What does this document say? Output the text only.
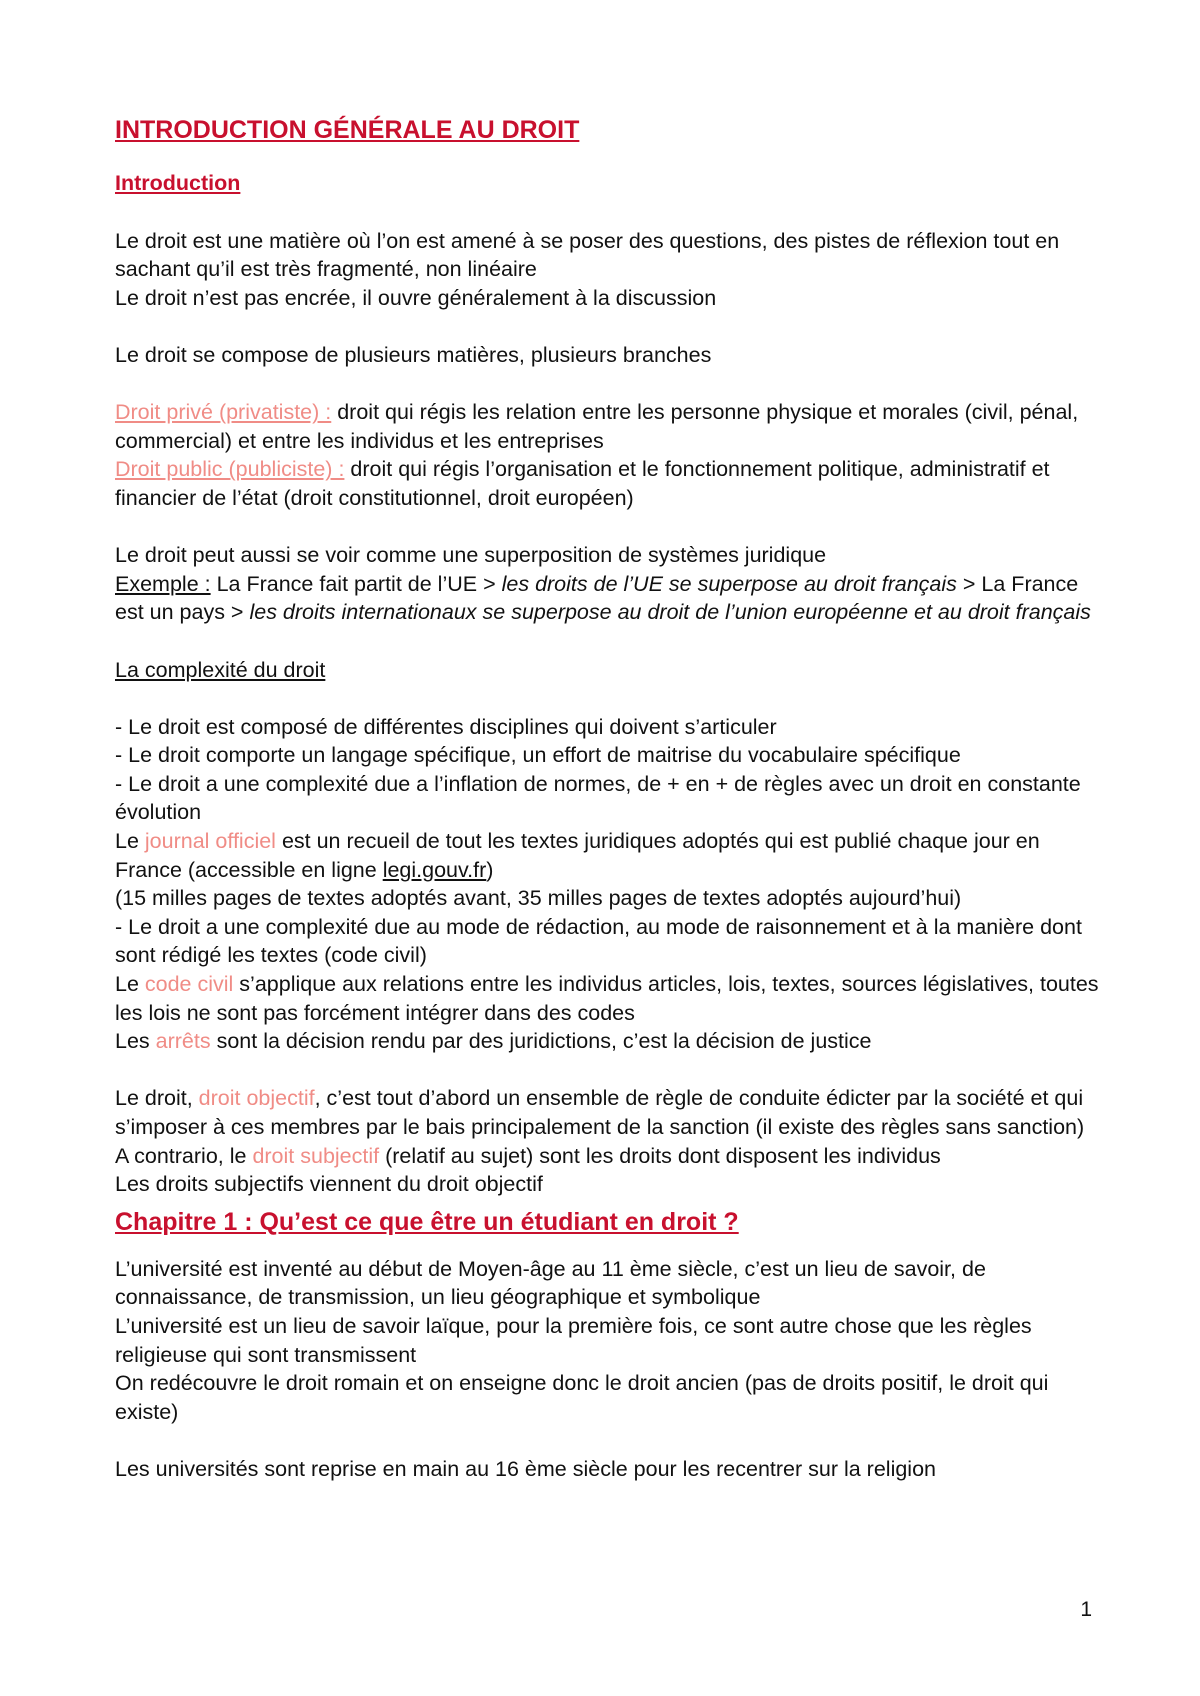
INTRODUCTION GÉNÉRALE AU DROIT

Introduction

Le droit est une matière où l’on est amené à se poser des questions, des pistes de réflexion tout en sachant qu’il est très fragmenté, non linéaire

Le droit n’est pas encrée, il ouvre généralement à la discussion

Le droit se compose de plusieurs matières, plusieurs branches

Droit privé (privatiste) : droit qui régis les relation entre les personne physique et morales (civil, pénal, commercial) et entre les individus et les entreprises

Droit public (publiciste) : droit qui régis l’organisation et le fonctionnement politique, administratif et financier de l’état (droit constitutionnel, droit européen)

Le droit peut aussi se voir comme une superposition de systèmes juridique

Exemple : La France fait partit de l’UE > les droits de l’UE se superpose au droit français > La France est un pays > les droits internationaux se superpose au droit de l’union européenne et au droit français

La complexité du droit

- Le droit est composé de différentes disciplines qui doivent s’articuler

- Le droit comporte un langage spécifique, un effort de maitrise du vocabulaire spécifique

- Le droit a une complexité due a l’inflation de normes, de + en + de règles avec un droit en constante évolution

Le journal officiel est un recueil de tout les textes juridiques adoptés qui est publié chaque jour en France (accessible en ligne legi.gouv.fr)

(15 milles pages de textes adoptés avant, 35 milles pages de textes adoptés aujourd’hui)

- Le droit a une complexité due au mode de rédaction, au mode de raisonnement et à la manière dont sont rédigé les textes (code civil)

Le code civil s’applique aux relations entre les individus articles, lois, textes, sources législatives, toutes les lois ne sont pas forcément intégrer dans des codes

Les arrêts sont la décision rendu par des juridictions, c’est la décision de justice

Le droit, droit objectif, c’est tout d’abord un ensemble de règle de conduite édicter par la société et qui s’imposer à ces membres par le bais principalement de la sanction (il existe des règles sans sanction)

A contrario, le droit subjectif (relatif au sujet) sont les droits dont disposent les individus

Les droits subjectifs viennent du droit objectif

Chapitre 1 : Qu’est ce que être un étudiant en droit ?

L’université est inventé au début de Moyen-âge au 11 ème siècle, c’est un lieu de savoir, de connaissance, de transmission, un lieu géographique et symbolique

L’université est un lieu de savoir laïque, pour la première fois, ce sont autre chose que les règles religieuse qui sont transmissent

On redécouvre le droit romain et on enseigne donc le droit ancien (pas de droits positif, le droit qui existe)

Les universités sont reprise en main au 16 ème siècle pour les recentrer sur la religion

1
